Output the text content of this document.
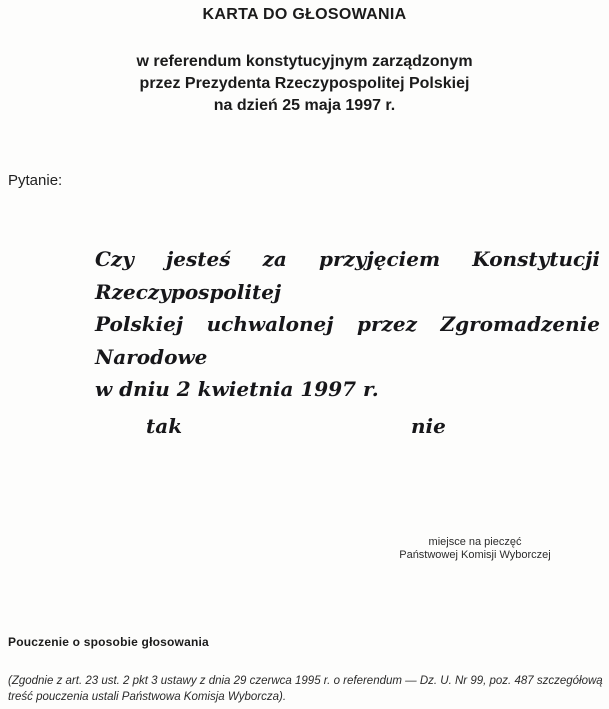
KARTA DO GŁOSOWANIA
w referendum konstytucyjnym zarządzonym
przez Prezydenta Rzeczypospolitej Polskiej
na dzień 25 maja 1997 r.
Pytanie:
Czy jesteś za przyjęciem Konstytucji Rzeczypospolitej
Polskiej uchwalonej przez Zgromadzenie Narodowe
w dniu 2 kwietnia 1997 r.
tak	nie
miejsce na pieczęć
Państwowej Komisji Wyborczej
Pouczenie o sposobie głosowania
(Zgodnie z art. 23 ust. 2 pkt 3 ustawy z dnia 29 czerwca 1995 r. o referendum — Dz. U. Nr 99, poz. 487 szczegółową
treść pouczenia ustali Państwowa Komisja Wyborcza).
